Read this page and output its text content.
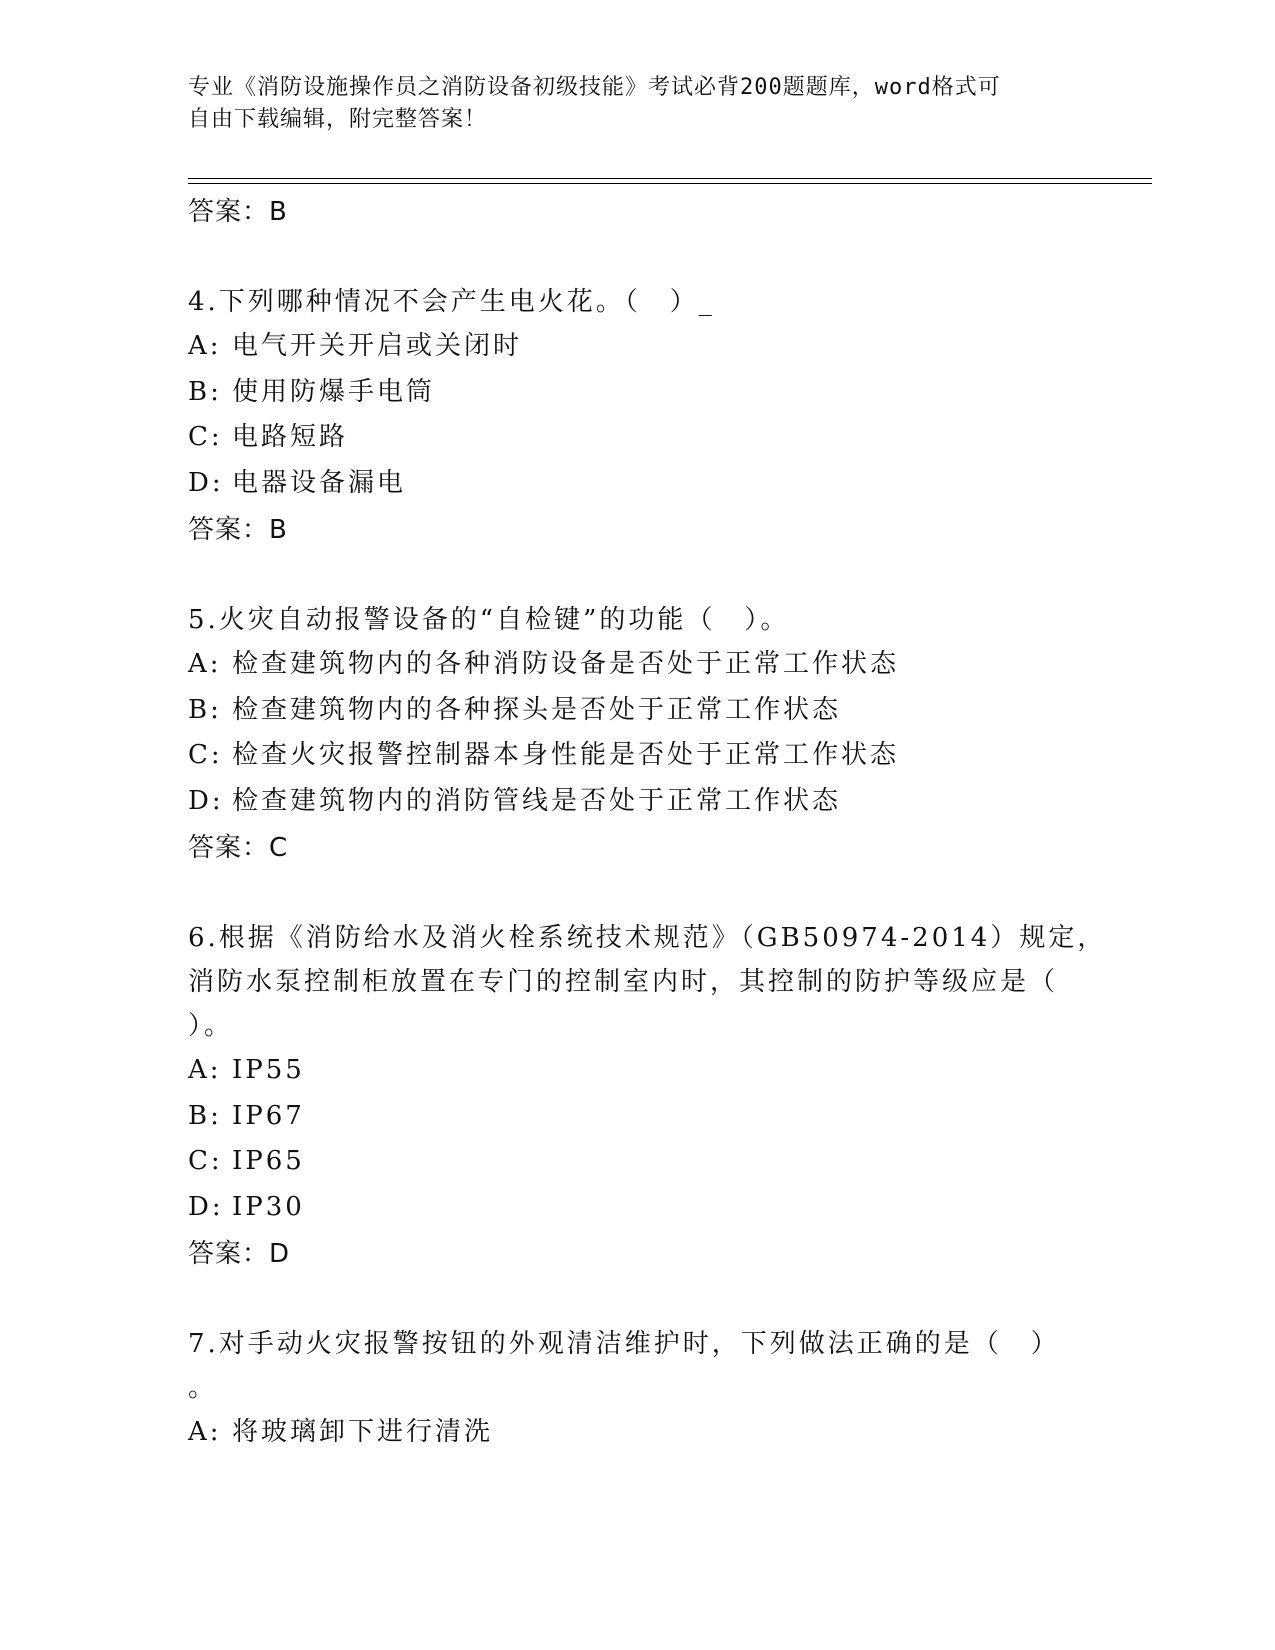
专业《消防设施操作员之消防设备初级技能》考试必背200题题库，word格式可
自由下载编辑，附完整答案！
答案：B
4.下列哪种情况不会产生电火花。（　）_
A: 电气开关开启或关闭时
B: 使用防爆手电筒
C: 电路短路
D: 电器设备漏电
答案：B
5.火灾自动报警设备的“自检键”的功能（　）。
A: 检查建筑物内的各种消防设备是否处于正常工作状态
B: 检查建筑物内的各种探头是否处于正常工作状态
C: 检查火灾报警控制器本身性能是否处于正常工作状态
D: 检查建筑物内的消防管线是否处于正常工作状态
答案：C
6.根据《消防给水及消火栓系统技术规范》（GB50974-2014）规定，
消防水泵控制柜放置在专门的控制室内时，其控制的防护等级应是（
）。
A: IP55
B: IP67
C: IP65
D: IP30
答案：D
7.对手动火灾报警按钮的外观清洁维护时，下列做法正确的是（　）
。
A: 将玻璃卸下进行清洗
